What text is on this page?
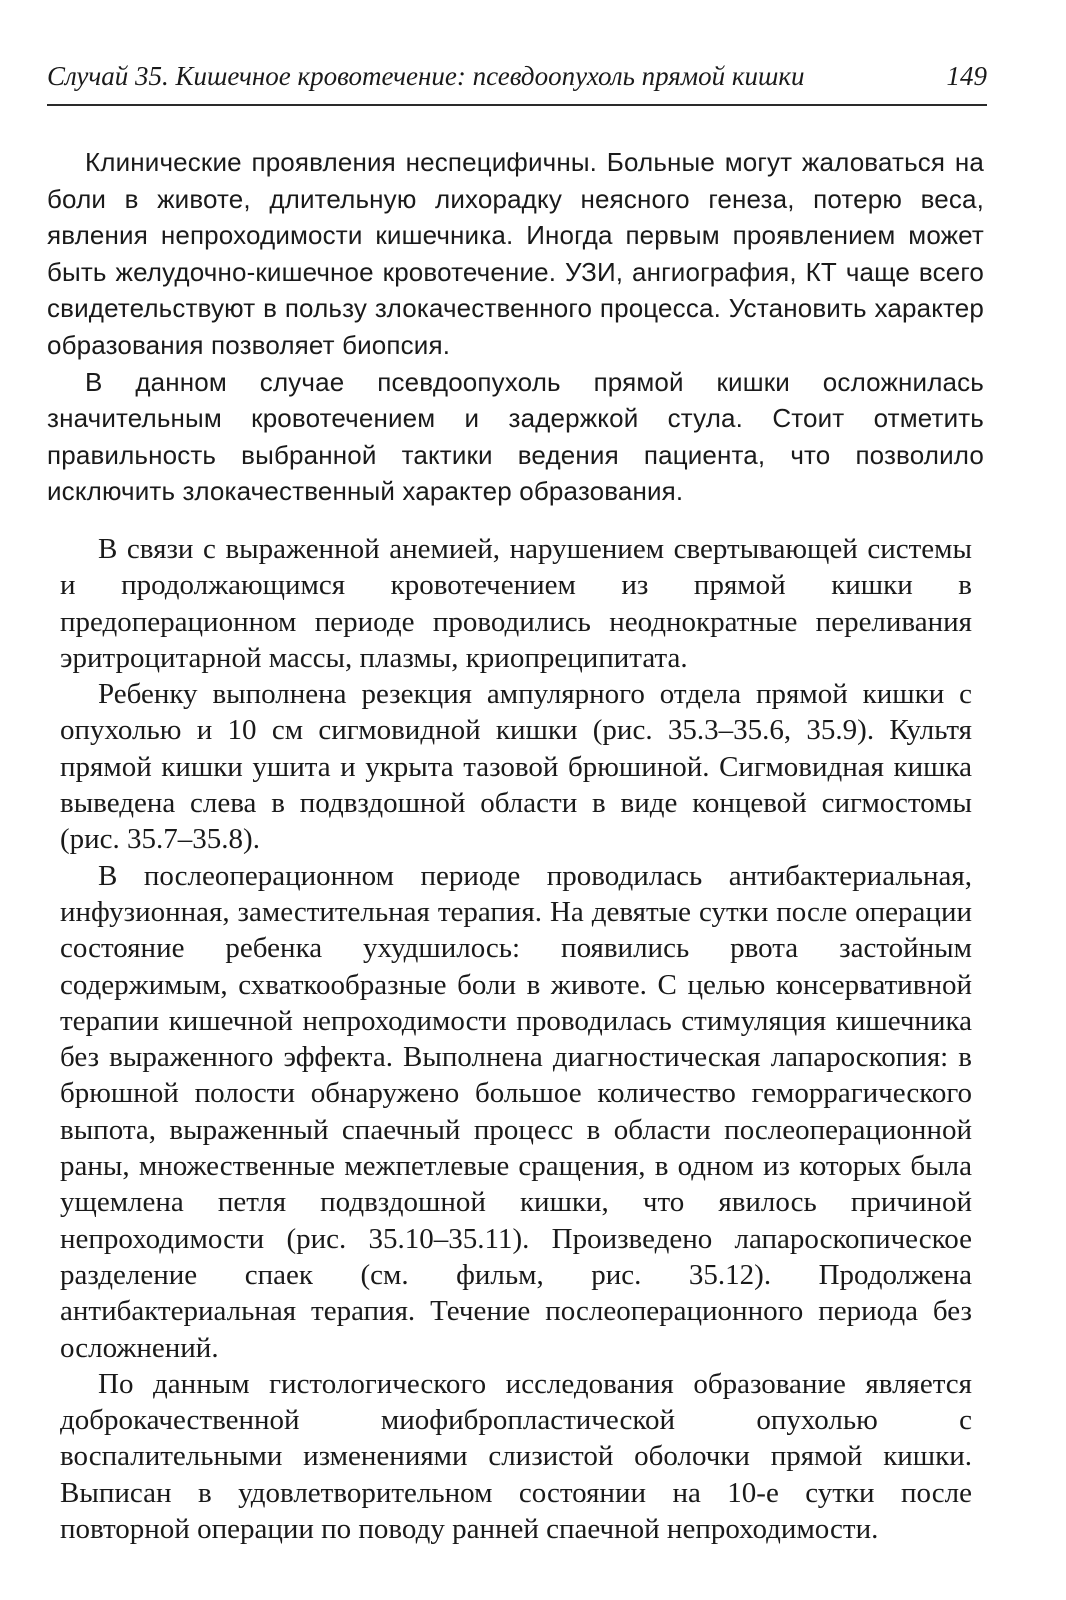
Случай 35. Кишечное кровотечение: псевдоопухоль прямой кишки	149

Клинические проявления неспецифичны. Больные могут жаловаться на боли в животе, длительную лихорадку неясного генеза, потерю веса, явления непроходимости кишечника. Иногда первым проявлением может быть желудочно-кишечное кровотечение. УЗИ, ангиография, КТ чаще всего свидетельствуют в пользу злокачественного процесса. Установить характер образования позволяет биопсия.

В данном случае псевдоопухоль прямой кишки осложнилась значительным кровотечением и задержкой стула. Стоит отметить правильность выбранной тактики ведения пациента, что позволило исключить злокачественный характер образования.

В связи с выраженной анемией, нарушением свертывающей системы и продолжающимся кровотечением из прямой кишки в предоперационном периоде проводились неоднократные переливания эритроцитарной массы, плазмы, криопреципитата.

Ребенку выполнена резекция ампулярного отдела прямой кишки с опухолью и 10 см сигмовидной кишки (рис. 35.3–35.6, 35.9). Культя прямой кишки ушита и укрыта тазовой брюшиной. Сигмовидная кишка выведена слева в подвздошной области в виде концевой сигмостомы (рис. 35.7–35.8).

В послеоперационном периоде проводилась антибактериальная, инфузионная, заместительная терапия. На девятые сутки после операции состояние ребенка ухудшилось: появились рвота застойным содержимым, схваткообразные боли в животе. С целью консервативной терапии кишечной непроходимости проводилась стимуляция кишечника без выраженного эффекта. Выполнена диагностическая лапароскопия: в брюшной полости обнаружено большое количество геморрагического выпота, выраженный спаечный процесс в области послеоперационной раны, множественные межпетлевые сращения, в одном из которых была ущемлена петля подвздошной кишки, что явилось причиной непроходимости (рис. 35.10–35.11). Произведено лапароскопическое разделение спаек (см. фильм, рис. 35.12). Продолжена антибактериальная терапия. Течение послеоперационного периода без осложнений.

По данным гистологического исследования образование является доброкачественной миофибропластической опухолью с воспалительными изменениями слизистой оболочки прямой кишки. Выписан в удовлетворительном состоянии на 10-е сутки после повторной операции по поводу ранней спаечной непроходимости.
